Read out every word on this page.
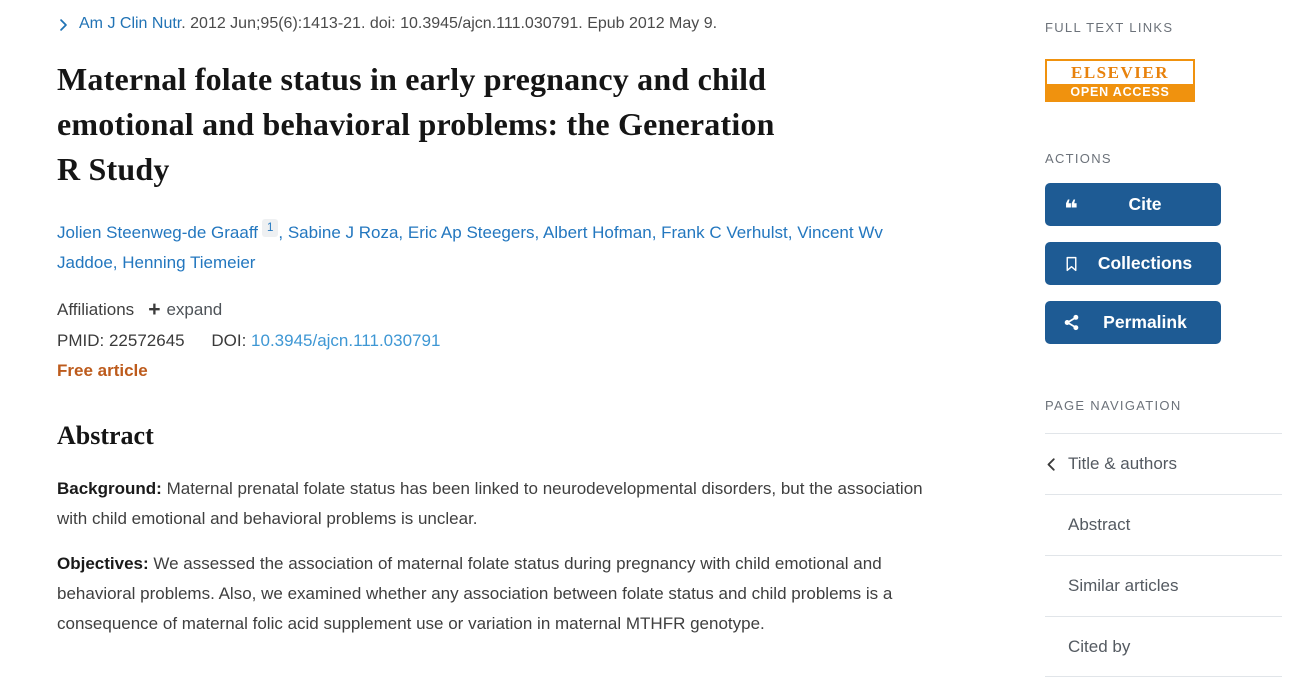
Am J Clin Nutr. 2012 Jun;95(6):1413-21. doi: 10.3945/ajcn.111.030791. Epub 2012 May 9.
Maternal folate status in early pregnancy and child
emotional and behavioral problems: the Generation
R Study
Jolien Steenweg-de Graaff $^1$ , Sabine J Roza, Eric Ap Steegers, Albert Hofman, Frank C Verhulst, Vincent Wv Jaddoe, Henning Tiemeier
Affiliations + expand
PMID: 22572645 DOI: 10.3945/ajcn.111.030791
Free article
Abstract

Background: Maternal prenatal folate status has been linked to neurodevelopmental disorders, but the association with child emotional and behavioral problems is unclear.

Objectives: We assessed the association of maternal folate status during pregnancy with child emotional and behavioral problems. Also, we examined whether any association between folate status and child problems is a consequence of maternal folic acid supplement use or variation in maternal MTHFR genotype.

FULL TEXT LINKS
ELSEVIER
OPEN ACCESS
ACTIONS
❝	Cite
Collections
Permalink
PAGE NAVIGATION
Title & authors
Abstract
Similar articles
Cited by
